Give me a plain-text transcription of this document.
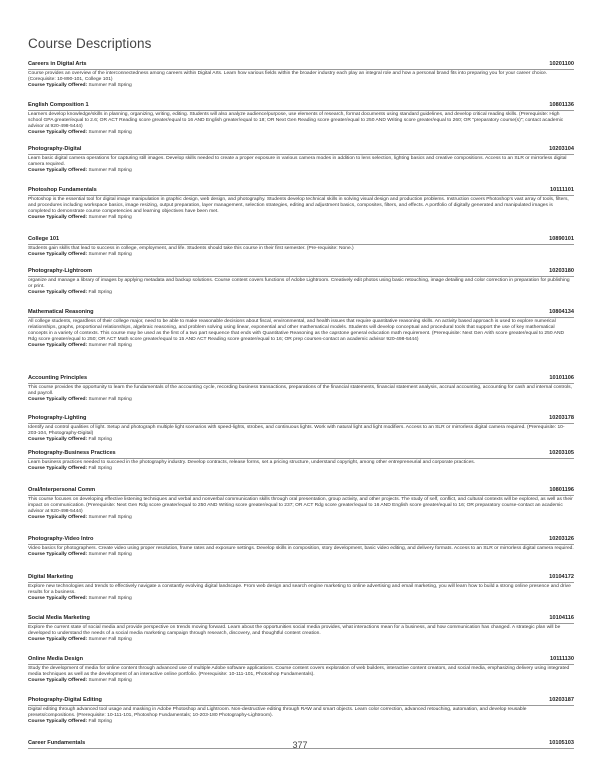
Course Descriptions
Careers in Digital Arts	10201100
Course provides an overview of the interconnectedness among careers within Digital Arts. Learn how various fields within the broader industry each play an integral role and how a personal brand fits into preparing you for your career choice. (Corequisite: 10-890-101, College 101)
Course Typically Offered: Summer Fall Spring
English Composition 1	10801136
Learners develop knowledge/skills in planning, organizing, writing, editing. Students will also analyze audience/purpose, use elements of research, format documents using standard guidelines, and develop critical reading skills. (Prerequisite: High school GPA greater/equal to 2.6; OR ACT Reading score greater/equal to 16 AND English greater/equal to 18; OR Next Gen Reading score greater/equal to 250 AND Writing score greater/equal to 260; OR "preparatory course(s)"; contact academic advisor at 920-498-5444)
Course Typically Offered: Summer Fall Spring
Photography-Digital	10203104
Learn basic digital camera operations for capturing still images. Develop skills needed to create a proper exposure in various camera modes in addition to lens selection, lighting basics and creative compositions. Access to an SLR or mirrorless digital camera required.
Course Typically Offered: Summer Fall Spring
Photoshop Fundamentals	10111101
Photoshop is the essential tool for digital image manipulation in graphic design, web design, and photography. Students develop technical skills in solving visual design and production problems. Instruction covers Photoshop's vast array of tools, filters, and procedures including workspace basics, image resizing, output preparation, layer management, selection strategies, editing and adjustment basics, composites, filters, and effects. A portfolio of digitally generated and manipulated images is completed to demonstrate course competencies and learning objectives have been met.
Course Typically Offered: Summer Fall Spring
College 101	10890101
Students gain skills that lead to success in college, employment, and life. Students should take this course in their first semester. (Pre-requisite: None.)
Course Typically Offered: Summer Fall Spring
Photography-Lightroom	10203180
organize and manage a library of images by applying metadata and backup solutions. Course content covers functions of Adobe Lightroom. Creatively edit photos using basic retouching, image detailing and color correction in preparation for publishing or print.
Course Typically Offered: Fall Spring
Mathematical Reasoning	10804134
All college students, regardless of their college major, need to be able to make reasonable decisions about fiscal, environmental, and health issues that require quantitative reasoning skills. An activity based approach is used to explore numerical relationships, graphs, proportional relationships, algebraic reasoning, and problem solving using linear, exponential and other mathematical models. Students will develop conceptual and procedural tools that support the use of key mathematical concepts in a variety of contexts. This course may be used as the first of a two part sequence that ends with Quantitative Reasoning as the capstone general education math requirement. (Prerequisite: Next Gen Arith score greater/equal to 250 AND Rdg score greater/equal to 250; OR ACT Math score greater/equal to 15 AND ACT Reading score greater/equal to 16; OR prep courses-contact an academic advisor 920-498-5444)
Course Typically Offered: Summer Fall Spring
Accounting Principles	10101106
This course provides the opportunity to learn the fundamentals of the accounting cycle, recording business transactions, preparations of the financial statements, financial statement analysis, accrual accounting, accounting for cash and internal controls, and payroll.
Course Typically Offered: Summer Fall Spring
Photography-Lighting	10203178
Identify and control qualities of light. Setup and photograph multiple light scenarios with speed-lights, strobes, and continuous lights. Work with natural light and light modifiers. Access to an SLR or mirrorless digital camera required. (Prerequisite: 10-203-104, Photography-Digital)
Course Typically Offered: Fall Spring
Photography-Business Practices	10203105
Learn business practices needed to succeed in the photography industry. Develop contracts, release forms, set a pricing structure, understand copyright, among other entrepreneurial and corporate practices.
Course Typically Offered: Fall Spring
Oral/Interpersonal Comm	10801196
This course focuses on developing effective listening techniques and verbal and nonverbal communication skills through oral presentation, group activity, and other projects. The study of self, conflict, and cultural contexts will be explored, as well as their impact on communication. (Prerequisite: Next Gen Rdg score greater/equal to 250 AND Writing score greater/equal to 237; OR ACT Rdg score greater/equal to 16 AND English score greater/equal to 16; OR preparatory course-contact an academic advisor at 920-498-5444)
Course Typically Offered: Summer Fall Spring
Photography-Video Intro	10203126
Video basics for photographers. Create video using proper resolution, frame rates and exposure settings. Develop skills in composition, story development, basic video editing, and delivery formats. Access to an SLR or mirrorless digital camera required.
Course Typically Offered: Summer Fall Spring
Digital Marketing	10104172
Explore new technologies and trends to effectively navigate a constantly evolving digital landscape. From web design and search engine marketing to online advertising and email marketing, you will learn how to build a strong online presence and drive results for a business.
Course Typically Offered: Summer Fall Spring
Social Media Marketing	10104116
Explore the current state of social media and provide perspective on trends moving forward. Learn about the opportunities social media provides, what interactions mean for a business, and how communication has changed. A strategic plan will be developed to understand the needs of a social media marketing campaign through research, discovery, and thoughtful content creation.
Course Typically Offered: Summer Fall Spring
Online Media Design	10111130
Study the development of media for online content through advanced use of multiple Adobe software applications. Course content covers exploration of web builders, interactive content creators, and social media, emphasizing delivery using integrated media techniques as well as the development of an interactive online portfolio. (Prerequisite: 10-111-101, Photoshop Fundamentals).
Course Typically Offered: Summer Fall Spring
Photography-Digital Editing	10203187
Digital editing through advanced tool usage and masking in Adobe Photoshop and Lightroom. Non-destructive editing through RAW and smart objects. Learn color correction, advanced retouching, automation, and develop reusable presets/compositions. (Prerequisite: 10-111-101, Photoshop Fundamentals; 10-203-180 Photography-Lightroom).
Course Typically Offered: Fall Spring
Career Fundamentals	10105103
377
